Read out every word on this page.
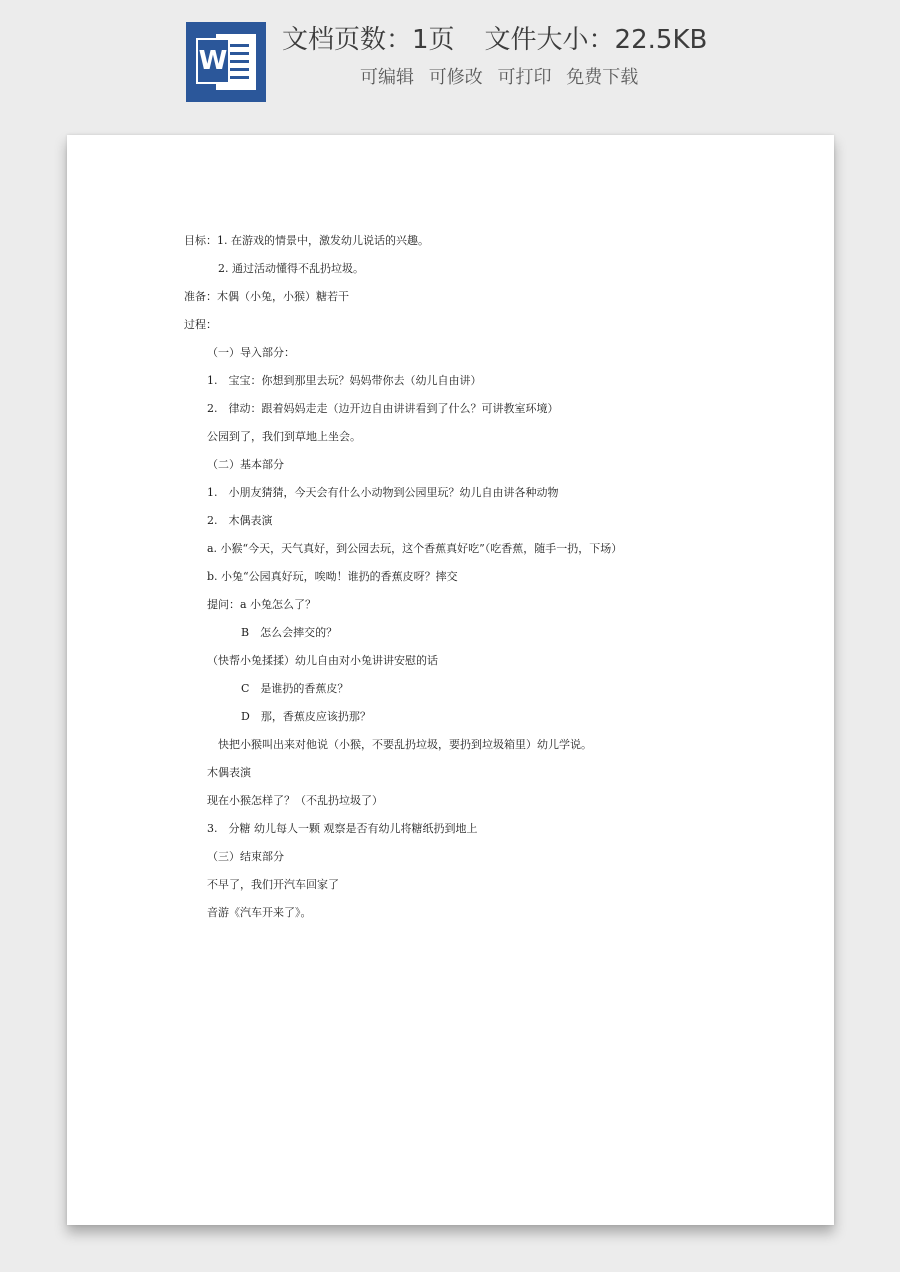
W
文档页数：1页 文件大小：22.5KB
可编辑 可修改 可打印 免费下载
目标：1. 在游戏的情景中，激发幼儿说话的兴趣。
2. 通过活动懂得不乱扔垃圾。
准备：木偶（小兔，小猴）糖若干
过程：
（一）导入部分：
1.　宝宝：你想到那里去玩？妈妈带你去（幼儿自由讲）
2.　律动：跟着妈妈走走（边开边自由讲讲看到了什么？可讲教室环境）
公园到了，我们到草地上坐会。
（二）基本部分
1.　小朋友猜猜，今天会有什么小动物到公园里玩？幼儿自由讲各种动物
2.　木偶表演
a. 小猴“今天，天气真好，到公园去玩，这个香蕉真好吃”（吃香蕉，随手一扔，下场）
b. 小兔“公园真好玩，唉呦！谁扔的香蕉皮呀？摔交
提问：a 小兔怎么了？
B　怎么会摔交的？
（快帮小兔揉揉）幼儿自由对小兔讲讲安慰的话
C　是谁扔的香蕉皮？
D　那，香蕉皮应该扔那？
快把小猴叫出来对他说（小猴，不要乱扔垃圾，要扔到垃圾箱里）幼儿学说。
木偶表演
现在小猴怎样了？（不乱扔垃圾了）
3.　分糖 幼儿每人一颗 观察是否有幼儿将糖纸扔到地上
（三）结束部分
不早了，我们开汽车回家了
音游《汽车开来了》。
